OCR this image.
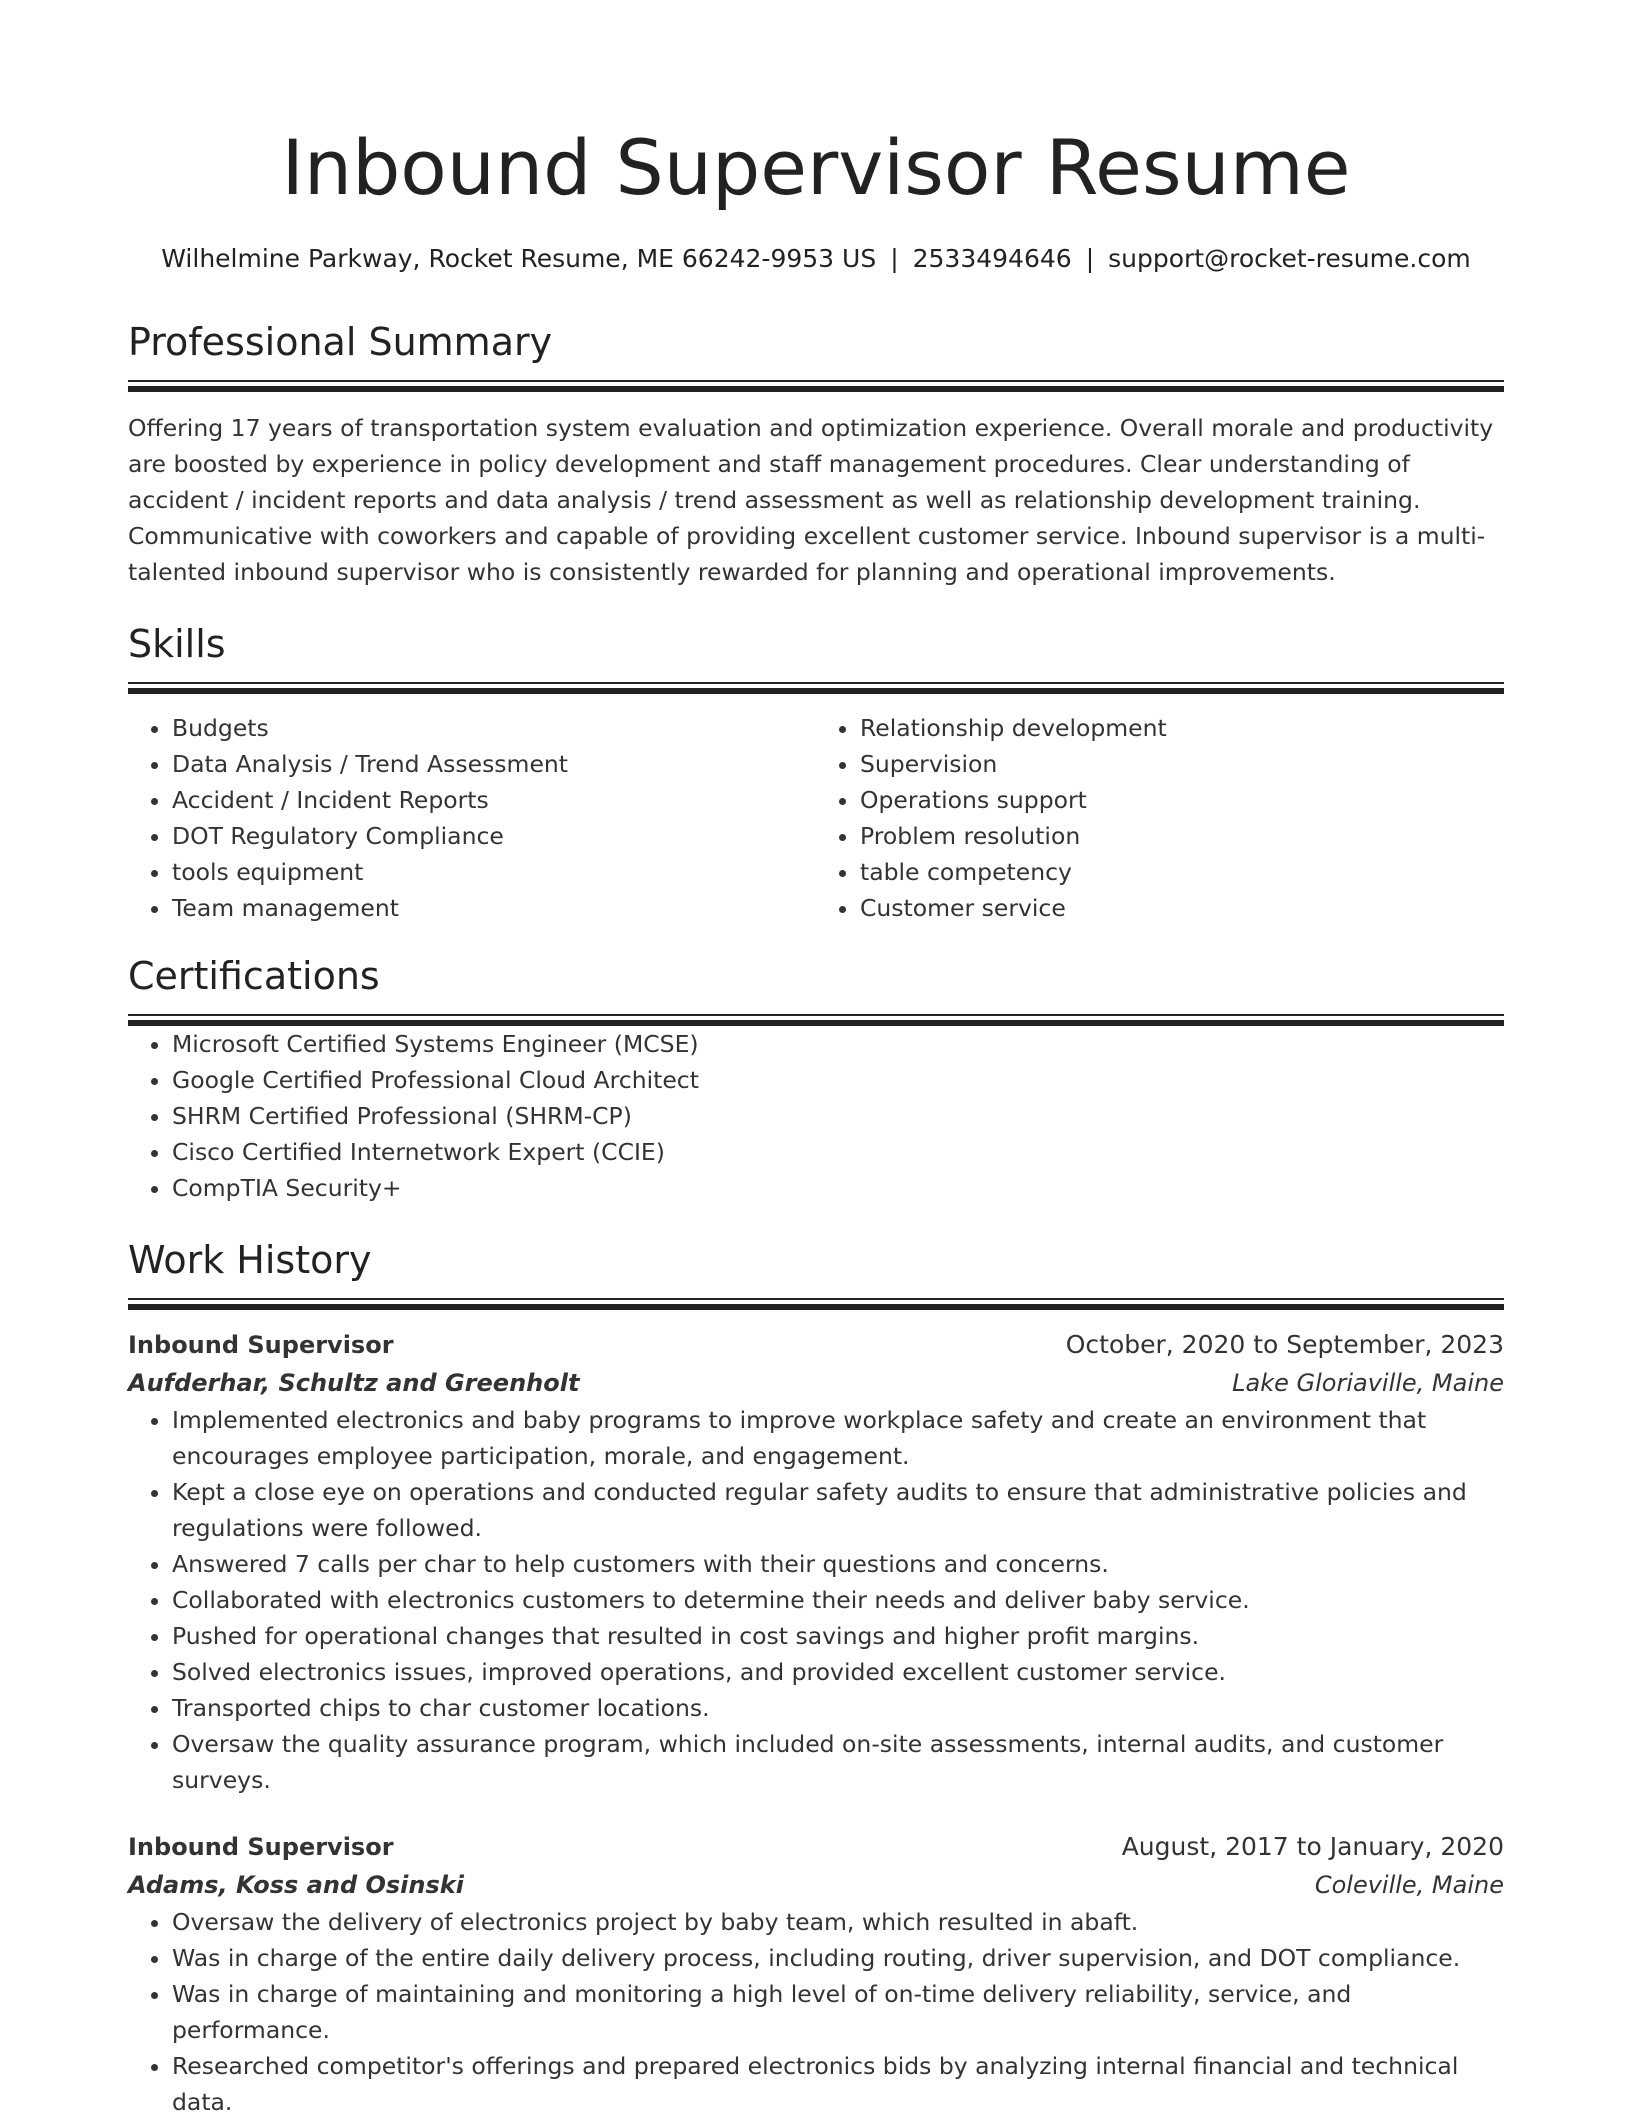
Inbound Supervisor Resume
Wilhelmine Parkway, Rocket Resume, ME 66242-9953 US | 2533494646 | support@rocket-resume.com
Professional Summary
Offering 17 years of transportation system evaluation and optimization experience. Overall morale and productivity are boosted by experience in policy development and staff management procedures. Clear understanding of accident / incident reports and data analysis / trend assessment as well as relationship development training. Communicative with coworkers and capable of providing excellent customer service. Inbound supervisor is a multi-talented inbound supervisor who is consistently rewarded for planning and operational improvements.
Skills
• Budgets
• Data Analysis / Trend Assessment
• Accident / Incident Reports
• DOT Regulatory Compliance
• tools equipment
• Team management
• Relationship development
• Supervision
• Operations support
• Problem resolution
• table competency
• Customer service
Certifications
• Microsoft Certified Systems Engineer (MCSE)
• Google Certified Professional Cloud Architect
• SHRM Certified Professional (SHRM-CP)
• Cisco Certified Internetwork Expert (CCIE)
• CompTIA Security+
Work History
Inbound Supervisor	October, 2020 to September, 2023
Aufderhar, Schultz and Greenholt	Lake Gloriaville, Maine
• Implemented electronics and baby programs to improve workplace safety and create an environment that encourages employee participation, morale, and engagement.
• Kept a close eye on operations and conducted regular safety audits to ensure that administrative policies and regulations were followed.
• Answered 7 calls per char to help customers with their questions and concerns.
• Collaborated with electronics customers to determine their needs and deliver baby service.
• Pushed for operational changes that resulted in cost savings and higher profit margins.
• Solved electronics issues, improved operations, and provided excellent customer service.
• Transported chips to char customer locations.
• Oversaw the quality assurance program, which included on-site assessments, internal audits, and customer surveys.
Inbound Supervisor	August, 2017 to January, 2020
Adams, Koss and Osinski	Coleville, Maine
• Oversaw the delivery of electronics project by baby team, which resulted in abaft.
• Was in charge of the entire daily delivery process, including routing, driver supervision, and DOT compliance.
• Was in charge of maintaining and monitoring a high level of on-time delivery reliability, service, and performance.
• Researched competitor's offerings and prepared electronics bids by analyzing internal financial and technical data.
